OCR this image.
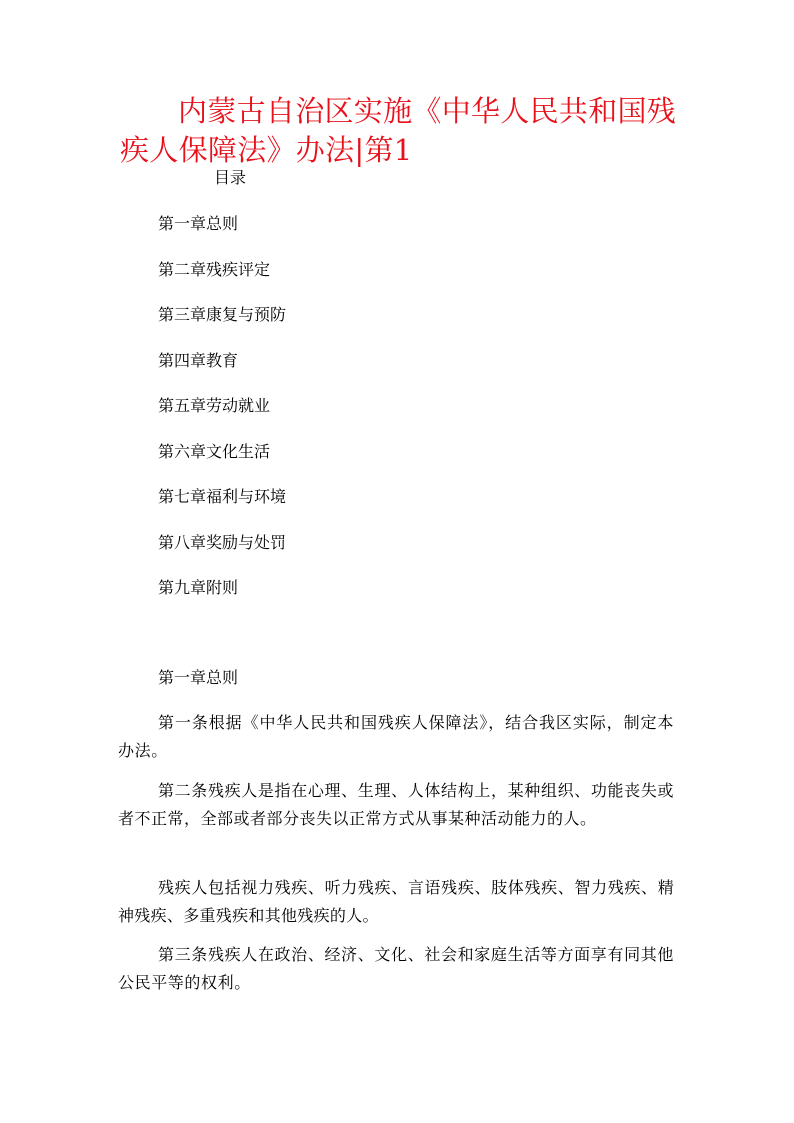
内蒙古自治区实施《中华人民共和国残疾人保障法》办法|第1
目录
第一章总则
第二章残疾评定
第三章康复与预防
第四章教育
第五章劳动就业
第六章文化生活
第七章福利与环境
第八章奖励与处罚
第九章附则
第一章总则

第一条根据《中华人民共和国残疾人保障法》，结合我区实际，制定本办法。

第二条残疾人是指在心理、生理、人体结构上，某种组织、功能丧失或者不正常，全部或者部分丧失以正常方式从事某种活动能力的人。

残疾人包括视力残疾、听力残疾、言语残疾、肢体残疾、智力残疾、精神残疾、多重残疾和其他残疾的人。

第三条残疾人在政治、经济、文化、社会和家庭生活等方面享有同其他公民平等的权利。
